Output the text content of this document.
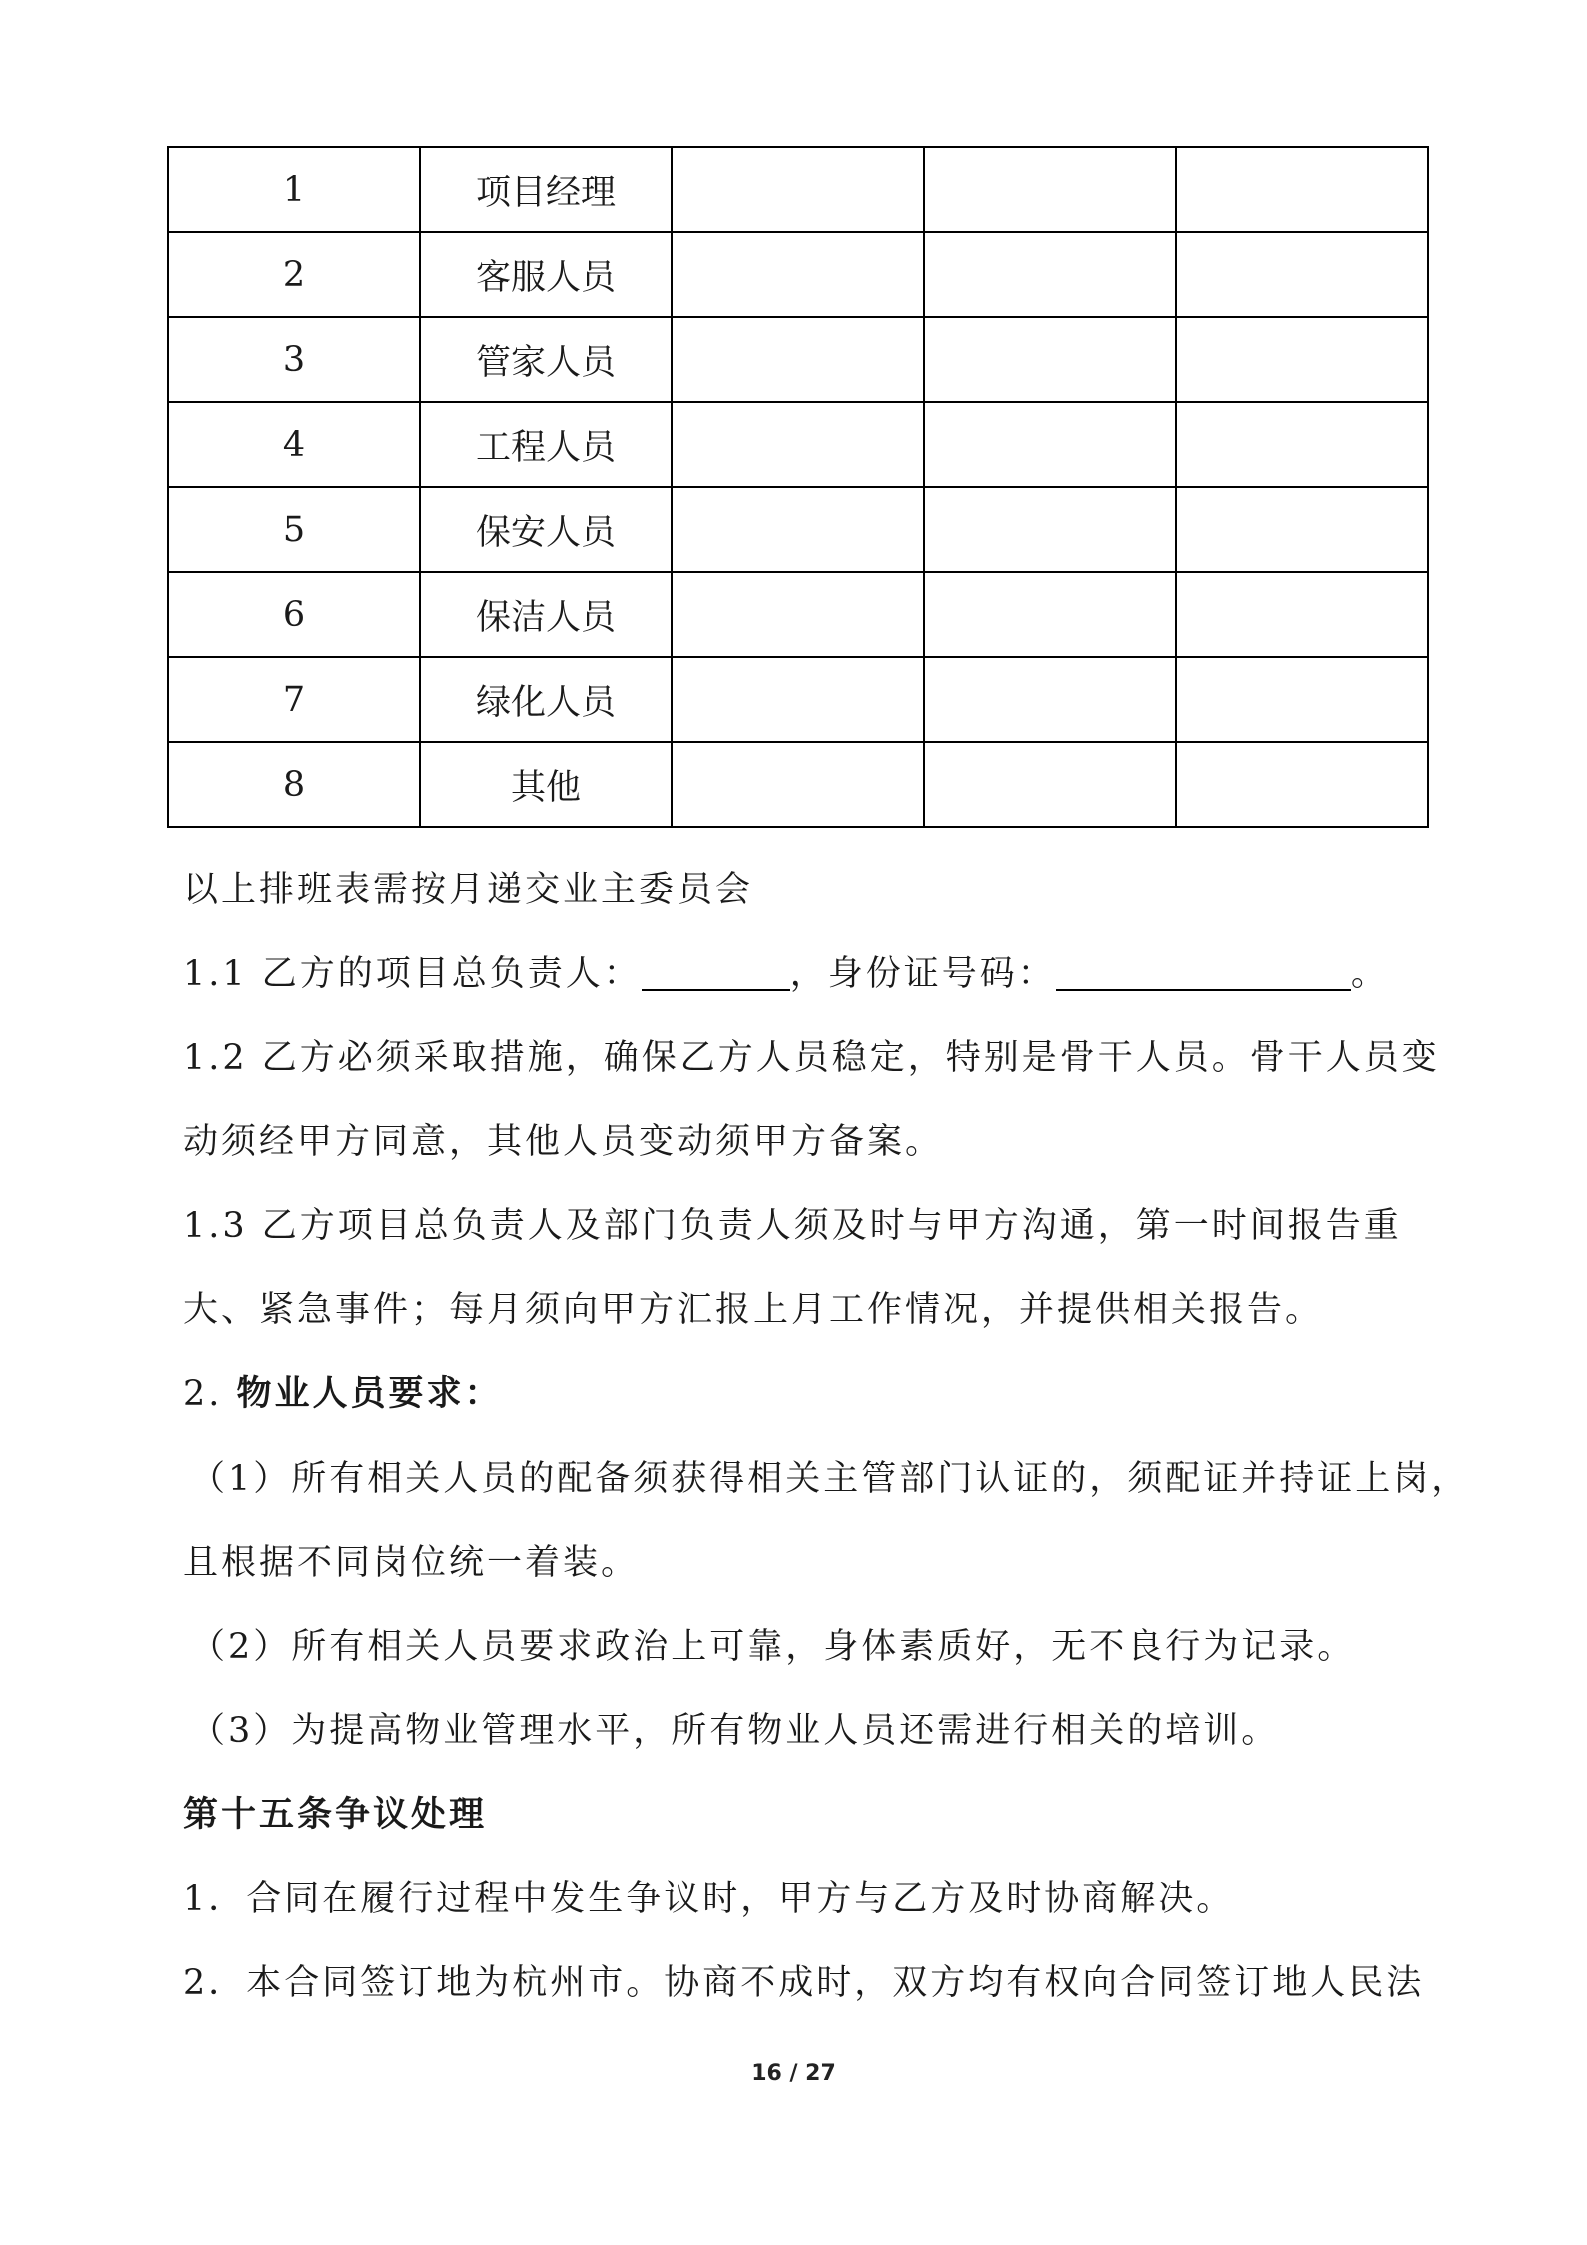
1	项目经理			
2	客服人员			
3	管家人员			
4	工程人员			
5	保安人员			
6	保洁人员			
7	绿化人员			
8	其他			

以上排班表需按月递交业主委员会

1.1 乙方的项目总负责人：	，身份证号码：	。

1.2 乙方必须采取措施，确保乙方人员稳定，特别是骨干人员。骨干人员变

动须经甲方同意，其他人员变动须甲方备案。

1.3 乙方项目总负责人及部门负责人须及时与甲方沟通，第一时间报告重

大、紧急事件；每月须向甲方汇报上月工作情况，并提供相关报告。

2. 物业人员要求：

（1）所有相关人员的配备须获得相关主管部门认证的，须配证并持证上岗，

且根据不同岗位统一着装。

（2）所有相关人员要求政治上可靠，身体素质好，无不良行为记录。

（3）为提高物业管理水平，所有物业人员还需进行相关的培训。

第十五条争议处理

1．合同在履行过程中发生争议时，甲方与乙方及时协商解决。

2．本合同签订地为杭州市。协商不成时，双方均有权向合同签订地人民法

16 / 27
